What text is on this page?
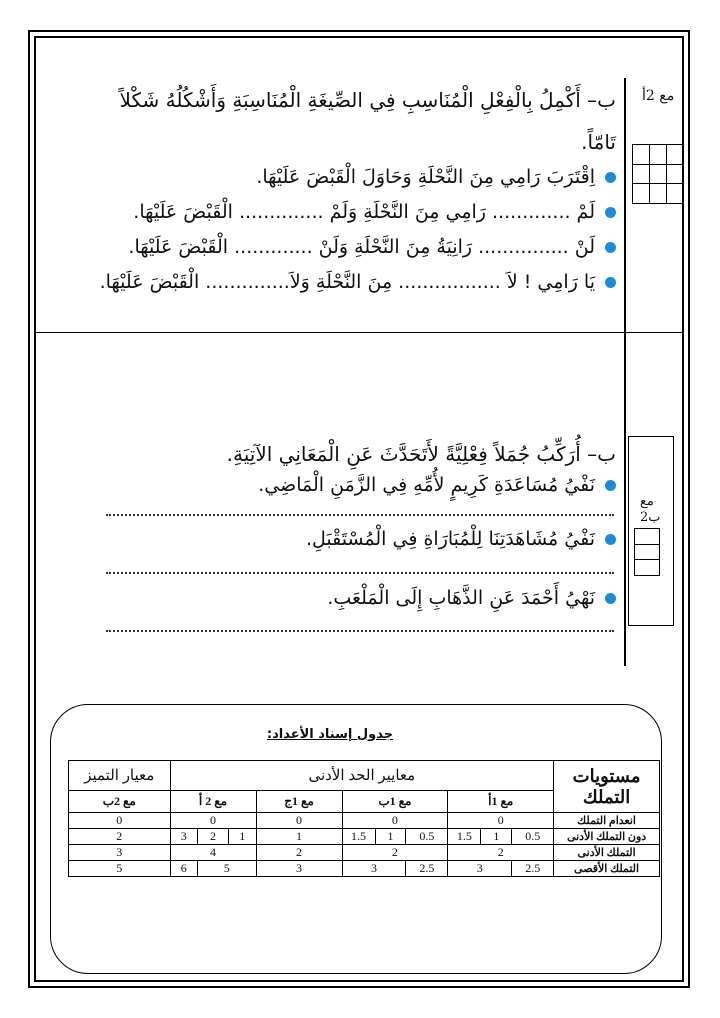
مع 2أ

ب– أَكْمِلُ بِالْفِعْلِ الْمُنَاسِبِ فِي الصِّيغَةِ الْمُنَاسِبَةِ وَأَشْكُلُهُ شَكْلاً
تَامّاً.
اِقْتَرَبَ رَامِي مِنَ النَّحْلَةِ وَحَاوَلَ الْقَبْضَ عَلَيْهَا.
لَمْ ............. رَامِي مِنَ النَّحْلَةِ وَلَمْ .............. الْقَبْضَ عَلَيْهَا.
لَنْ ............... رَانِيَةُ مِنَ النَّحْلَةِ وَلَنْ ............. الْقَبْضَ عَلَيْهَا.
يَا رَامِي ! لاَ ................. مِنَ النَّحْلَةِ وَلاَ.............. الْقَبْضَ عَلَيْهَا.
مع
2ب

ب– أُرَكِّبُ جُمَلاً فِعْلِيَّةً لأَتَحَدَّثَ عَنِ الْمَعَانِي الآتِيَةِ.
نَفْيُ مُسَاعَدَةِ كَرِيمٍ لأُمِّهِ فِي الزَّمَنِ الْمَاضِي.
نَفْيُ مُشَاهَدَتِنَا لِلْمُبَارَاةِ فِي الْمُسْتَقْبَلِ.
نَهْيُ أَحْمَدَ عَنِ الذَّهَابِ إِلَى الْمَلْعَبِ.
جدول إسناد الأعداد:
مستويات التملك	معايير الحد الأدنى										معيار التميز
	مع 1أ			مع 1ب			مع 1ج	مع 2 أ			مع 2ب
انعدام التملك	0			0			0	0			0
دون التملك الأدنى	0.5	1	1.5	0.5	1	1.5	1	1	2	3	2
التملك الأدنى	2			2			2	4			3
التملك الأقصى	2.5	3		2.5	3		3	5		6	5
